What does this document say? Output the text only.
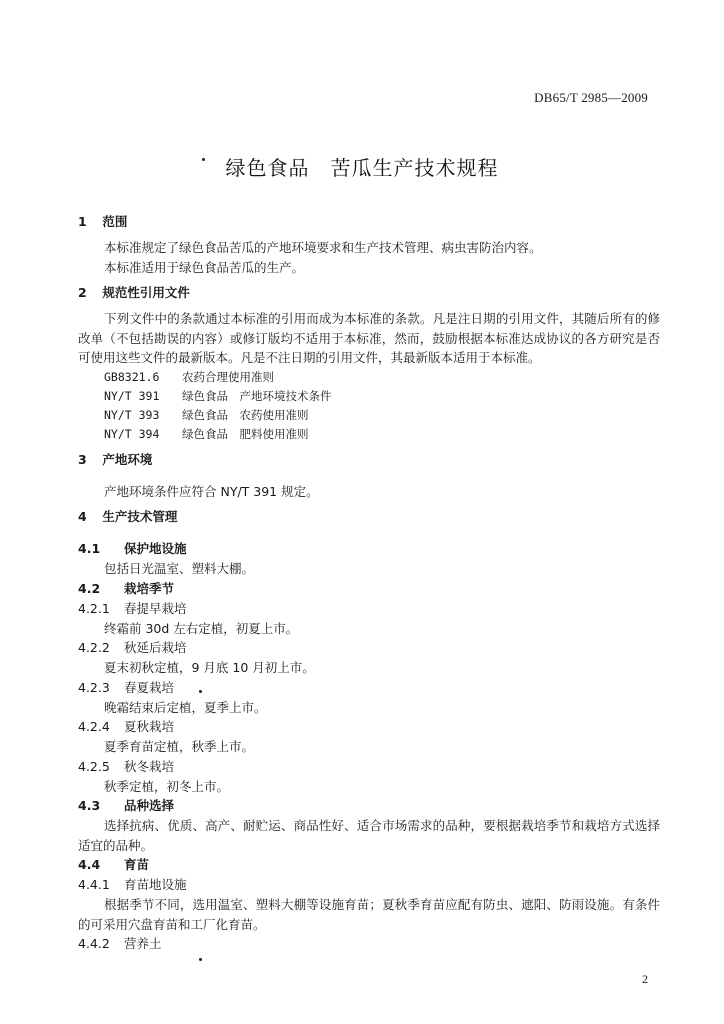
DB65/T 2985—2009
绿色食品　苦瓜生产技术规程

1 范围

本标准规定了绿色食品苦瓜的产地环境要求和生产技术管理、病虫害防治内容。

本标准适用于绿色食品苦瓜的生产。

2 规范性引用文件

下列文件中的条款通过本标准的引用而成为本标准的条款。凡是注日期的引用文件，其随后所有的修改单（不包括勘误的内容）或修订版均不适用于本标准，然而，鼓励根据本标准达成协议的各方研究是否可使用这些文件的最新版本。凡是不注日期的引用文件，其最新版本适用于本标准。

GB8321.6 农药合理使用准则

NY/T 391 绿色食品　产地环境技术条件

NY/T 393 绿色食品　农药使用准则

NY/T 394 绿色食品　肥料使用准则

3 产地环境

产地环境条件应符合 NY/T 391 规定。

4 生产技术管理

4.1 保护地设施

包括日光温室、塑料大棚。

4.2 栽培季节

4.2.1 春提早栽培

终霜前 30d 左右定植，初夏上市。

4.2.2 秋延后栽培

夏末初秋定植，9 月底 10 月初上市。

4.2.3 春夏栽培

晚霜结束后定植，夏季上市。

4.2.4 夏秋栽培

夏季育苗定植，秋季上市。

4.2.5 秋冬栽培

秋季定植，初冬上市。

4.3 品种选择

选择抗病、优质、高产、耐贮运、商品性好、适合市场需求的品种，要根据栽培季节和栽培方式选择适宜的品种。

4.4 育苗

4.4.1 育苗地设施

根据季节不同，选用温室、塑料大棚等设施育苗；夏秋季育苗应配有防虫、遮阳、防雨设施。有条件的可采用穴盘育苗和工厂化育苗。

4.4.2 营养土

2
